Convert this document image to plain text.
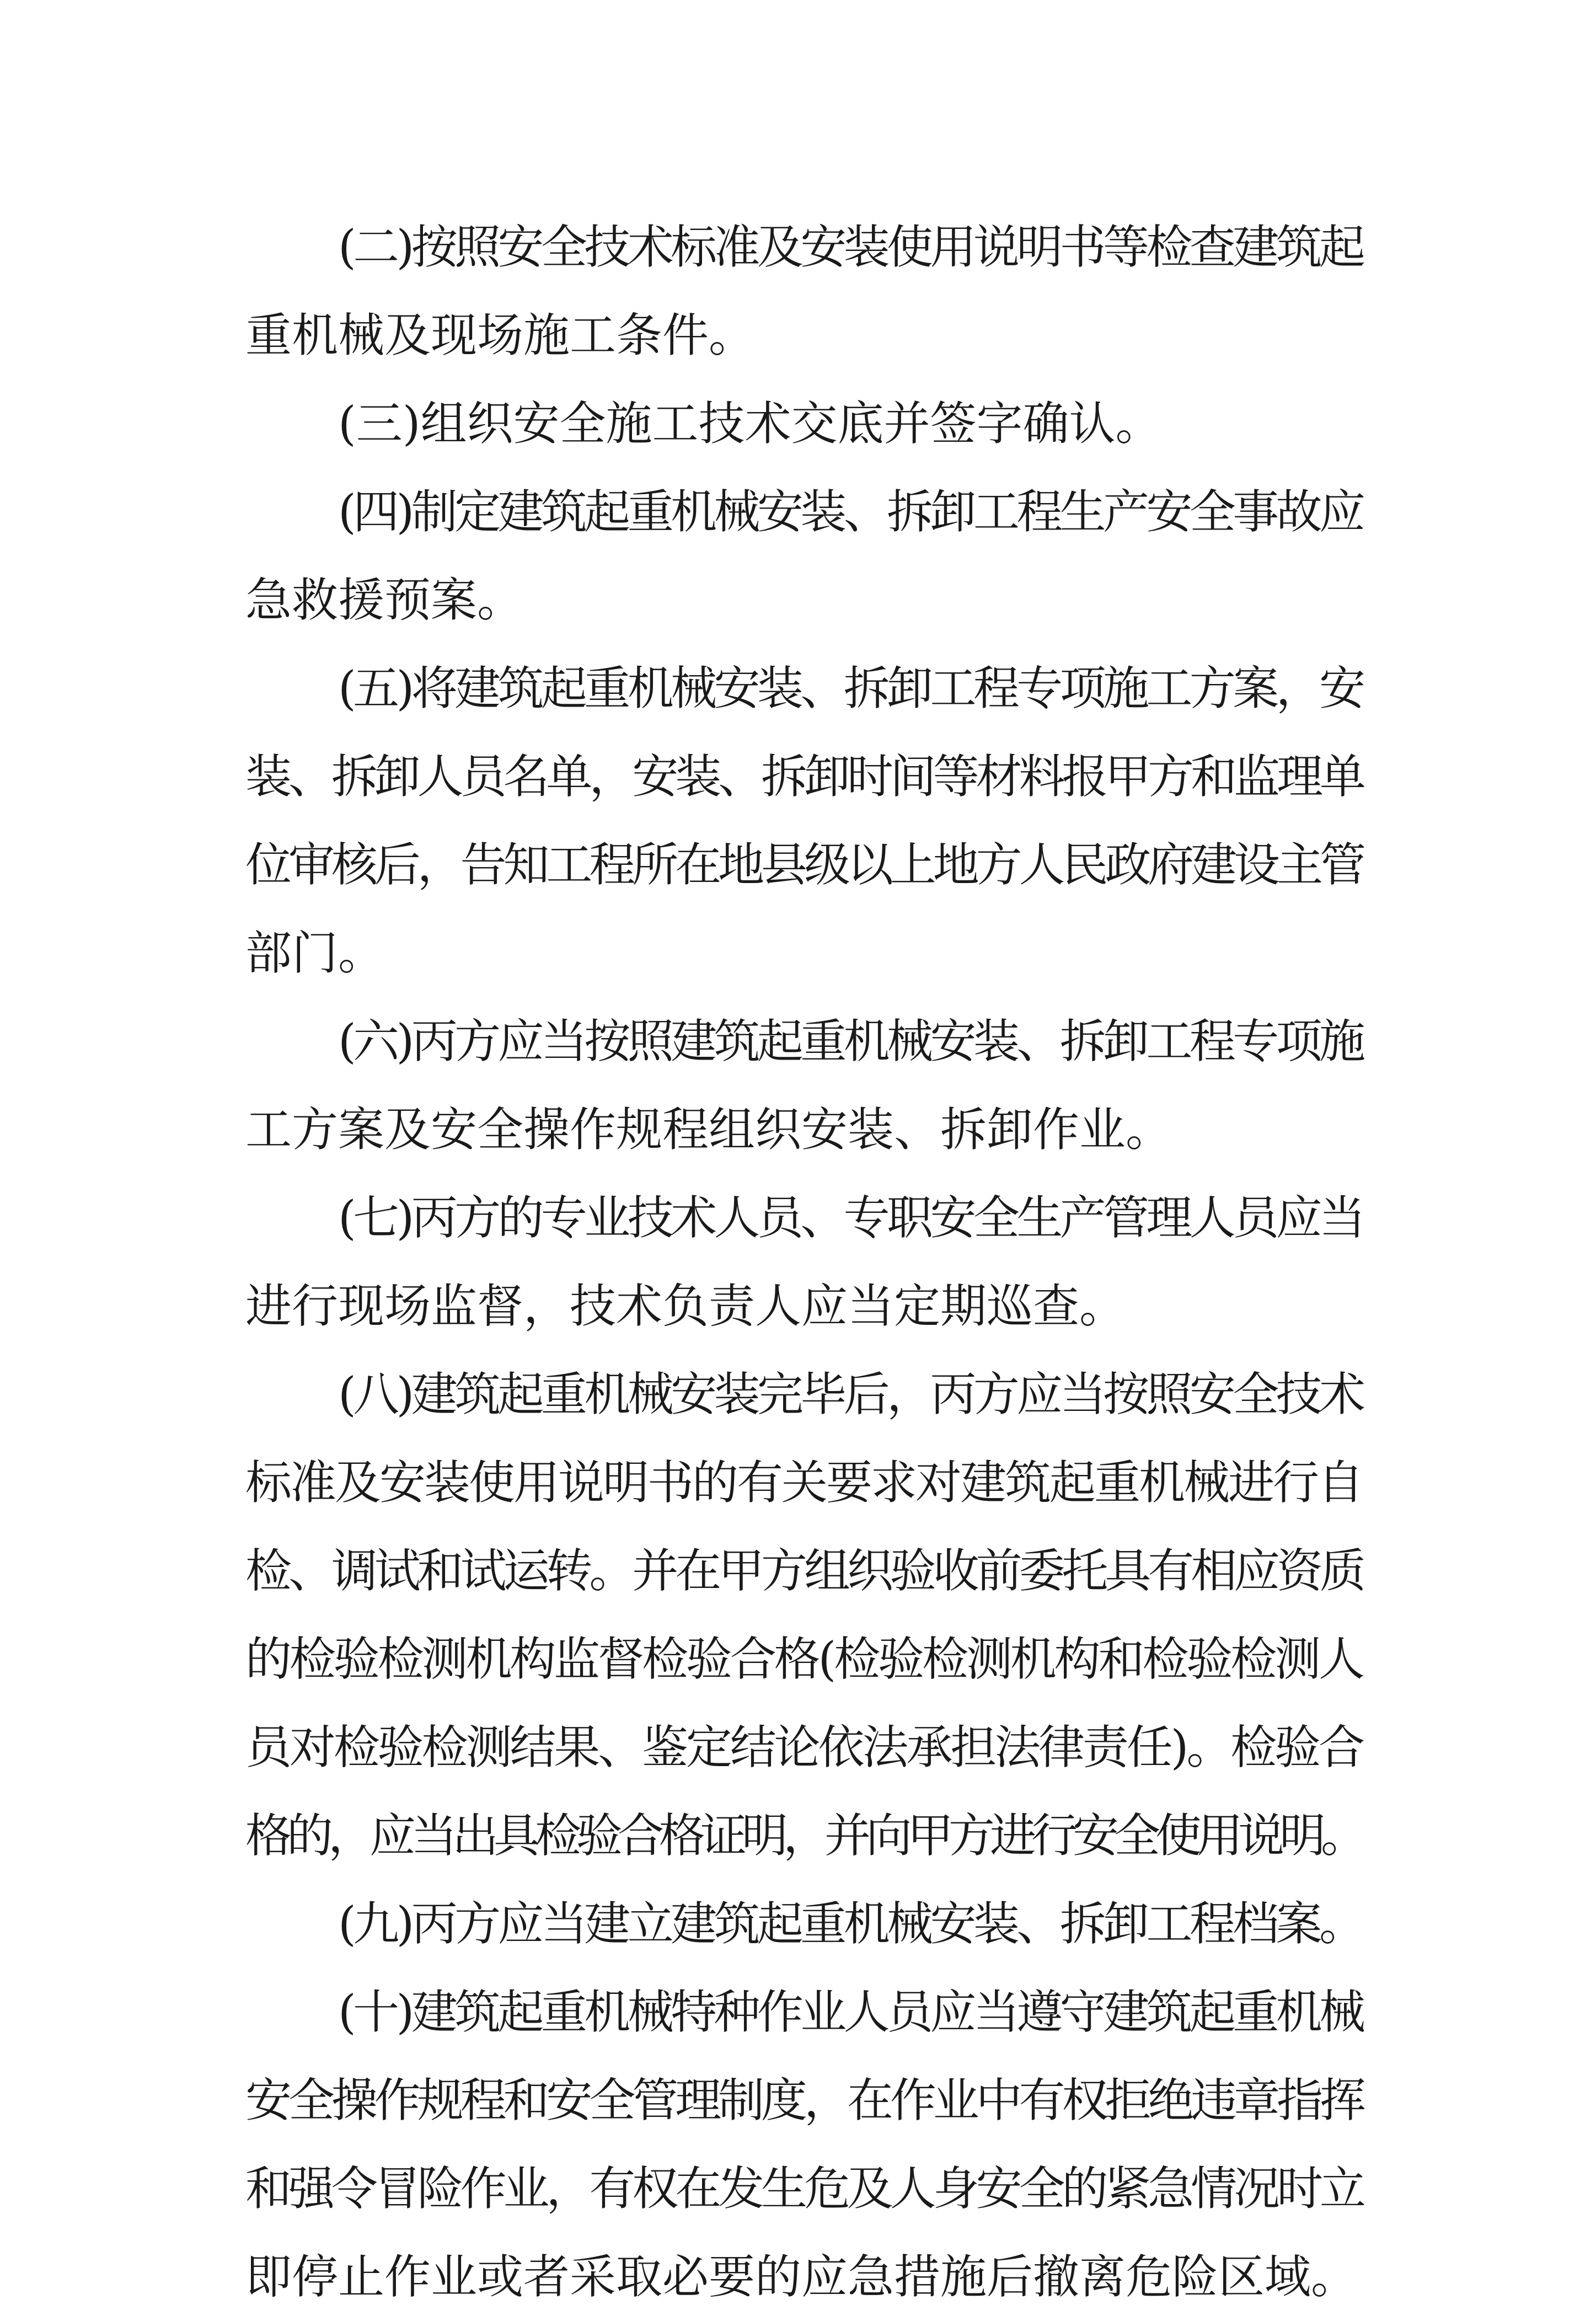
(二)按照安全技术标准及安装使用说明书等检查建筑起
重机械及现场施工条件。
(三)组织安全施工技术交底并签字确认。
(四)制定建筑起重机械安装、拆卸工程生产安全事故应
急救援预案。
(五)将建筑起重机械安装、拆卸工程专项施工方案，安
装、拆卸人员名单，安装、拆卸时间等材料报甲方和监理单
位审核后，告知工程所在地县级以上地方人民政府建设主管
部门。
(六)丙方应当按照建筑起重机械安装、拆卸工程专项施
工方案及安全操作规程组织安装、拆卸作业。
(七)丙方的专业技术人员、专职安全生产管理人员应当
进行现场监督，技术负责人应当定期巡查。
(八)建筑起重机械安装完毕后，丙方应当按照安全技术
标准及安装使用说明书的有关要求对建筑起重机械进行自
检、调试和试运转。并在甲方组织验收前委托具有相应资质
的检验检测机构监督检验合格(检验检测机构和检验检测人
员对检验检测结果、鉴定结论依法承担法律责任)。检验合
格的，应当出具检验合格证明，并向甲方进行安全使用说明。
(九)丙方应当建立建筑起重机械安装、拆卸工程档案。
(十)建筑起重机械特种作业人员应当遵守建筑起重机械
安全操作规程和安全管理制度，在作业中有权拒绝违章指挥
和强令冒险作业，有权在发生危及人身安全的紧急情况时立
即停止作业或者采取必要的应急措施后撤离危险区域。
